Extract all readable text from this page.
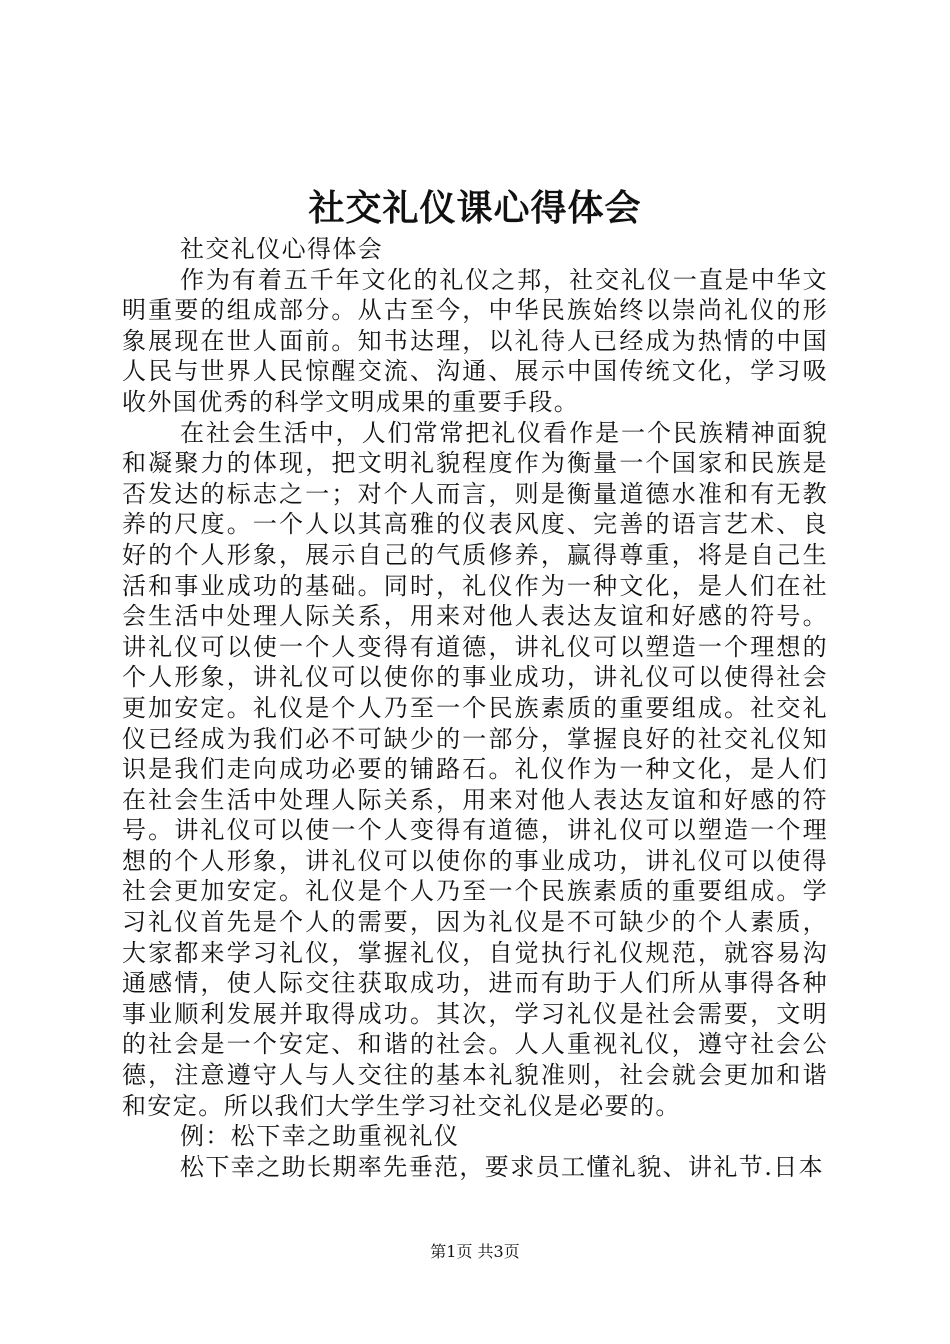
社交礼仪课心得体会

社交礼仪心得体会

作为有着五千年文化的礼仪之邦，社交礼仪一直是中华文明重要的组成部分。从古至今，中华民族始终以崇尚礼仪的形象展现在世人面前。知书达理，以礼待人已经成为热情的中国人民与世界人民惊醒交流、沟通、展示中国传统文化，学习吸收外国优秀的科学文明成果的重要手段。

在社会生活中，人们常常把礼仪看作是一个民族精神面貌和凝聚力的体现，把文明礼貌程度作为衡量一个国家和民族是否发达的标志之一；对个人而言，则是衡量道德水准和有无教养的尺度。一个人以其高雅的仪表风度、完善的语言艺术、良好的个人形象，展示自己的气质修养，赢得尊重，将是自己生活和事业成功的基础。同时，礼仪作为一种文化，是人们在社会生活中处理人际关系，用来对他人表达友谊和好感的符号。讲礼仪可以使一个人变得有道德，讲礼仪可以塑造一个理想的个人形象，讲礼仪可以使你的事业成功，讲礼仪可以使得社会更加安定。礼仪是个人乃至一个民族素质的重要组成。社交礼仪已经成为我们必不可缺少的一部分，掌握良好的社交礼仪知识是我们走向成功必要的铺路石。礼仪作为一种文化，是人们在社会生活中处理人际关系，用来对他人表达友谊和好感的符号。讲礼仪可以使一个人变得有道德，讲礼仪可以塑造一个理想的个人形象，讲礼仪可以使你的事业成功，讲礼仪可以使得社会更加安定。礼仪是个人乃至一个民族素质的重要组成。学习礼仪首先是个人的需要，因为礼仪是不可缺少的个人素质，大家都来学习礼仪，掌握礼仪，自觉执行礼仪规范，就容易沟通感情，使人际交往获取成功，进而有助于人们所从事得各种事业顺利发展并取得成功。其次，学习礼仪是社会需要，文明的社会是一个安定、和谐的社会。人人重视礼仪，遵守社会公德，注意遵守人与人交往的基本礼貌准则，社会就会更加和谐和安定。所以我们大学生学习社交礼仪是必要的。

例：松下幸之助重视礼仪

松下幸之助长期率先垂范，要求员工懂礼貌、讲礼节.日本

第1页 共3页
